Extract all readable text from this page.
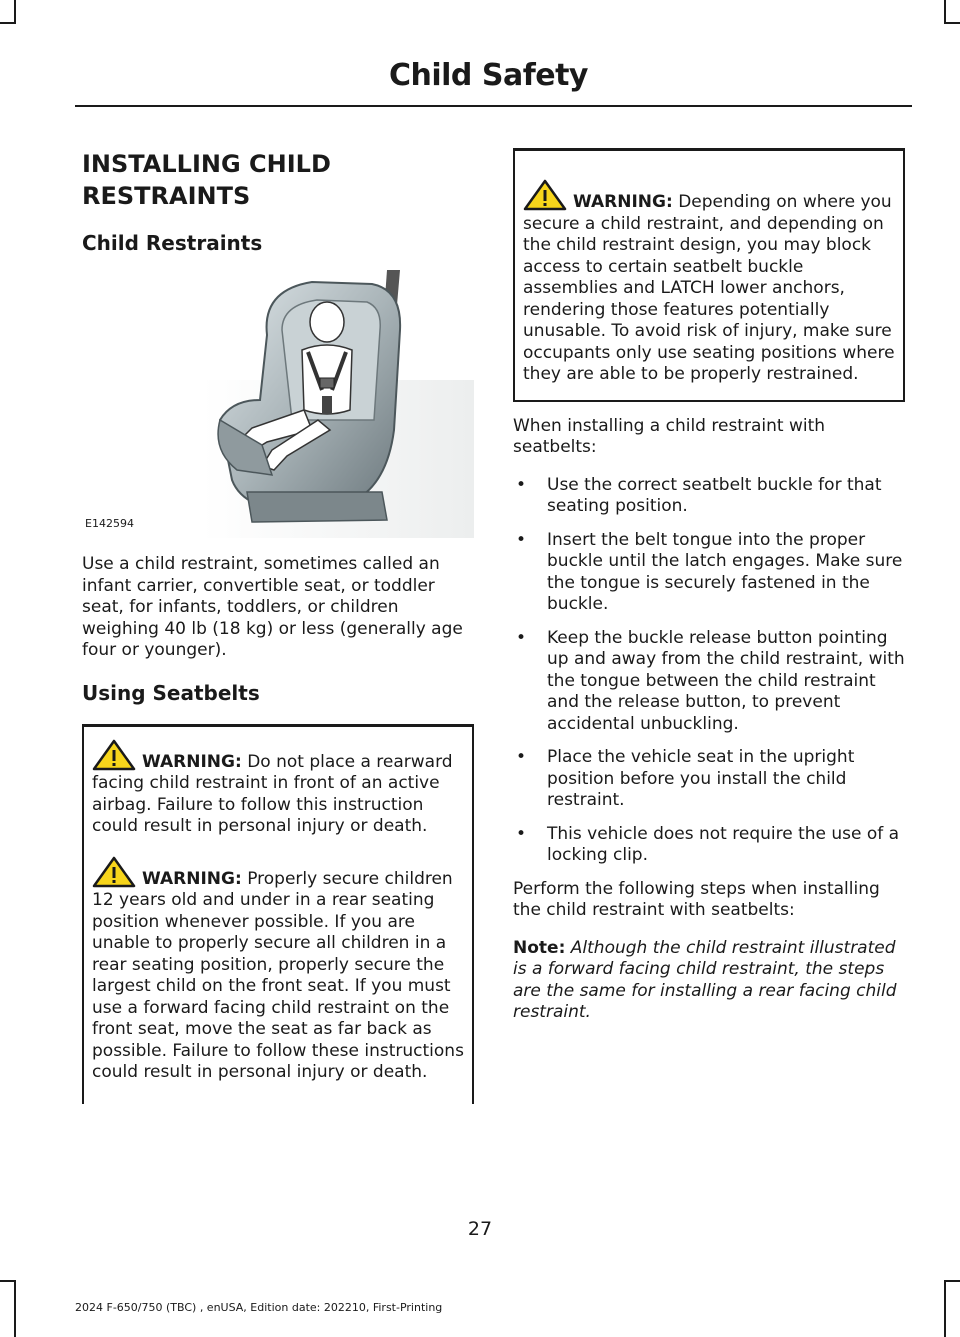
Child Safety
INSTALLING CHILD RESTRAINTS
Child Restraints
E142594

Use a child restraint, sometimes called an infant carrier, convertible seat, or toddler seat, for infants, toddlers, or children weighing 40 lb (18 kg) or less (generally age four or younger).

Using Seatbelts
WARNING: Do not place a rearward facing child restraint in front of an active airbag. Failure to follow this instruction could result in personal injury or death.
WARNING: Properly secure children 12 years old and under in a rear seating position whenever possible. If you are unable to properly secure all children in a rear seating position, properly secure the largest child on the front seat. If you must use a forward facing child restraint on the front seat, move the seat as far back as possible. Failure to follow these instructions could result in personal injury or death.
WARNING: Depending on where you secure a child restraint, and depending on the child restraint design, you may block access to certain seatbelt buckle assemblies and LATCH lower anchors, rendering those features potentially unusable. To avoid risk of injury, make sure occupants only use seating positions where they are able to be properly restrained.

When installing a child restraint with seatbelts:

• Use the correct seatbelt buckle for that seating position.
• Insert the belt tongue into the proper buckle until the latch engages. Make sure the tongue is securely fastened in the buckle.
• Keep the buckle release button pointing up and away from the child restraint, with the tongue between the child restraint and the release button, to prevent accidental unbuckling.
• Place the vehicle seat in the upright position before you install the child restraint.
• This vehicle does not require the use of a locking clip.

Perform the following steps when installing the child restraint with seatbelts:

Note: Although the child restraint illustrated is a forward facing child restraint, the steps are the same for installing a rear facing child restraint.

27
2024 F-650/750 (TBC) , enUSA, Edition date: 202210, First-Printing
